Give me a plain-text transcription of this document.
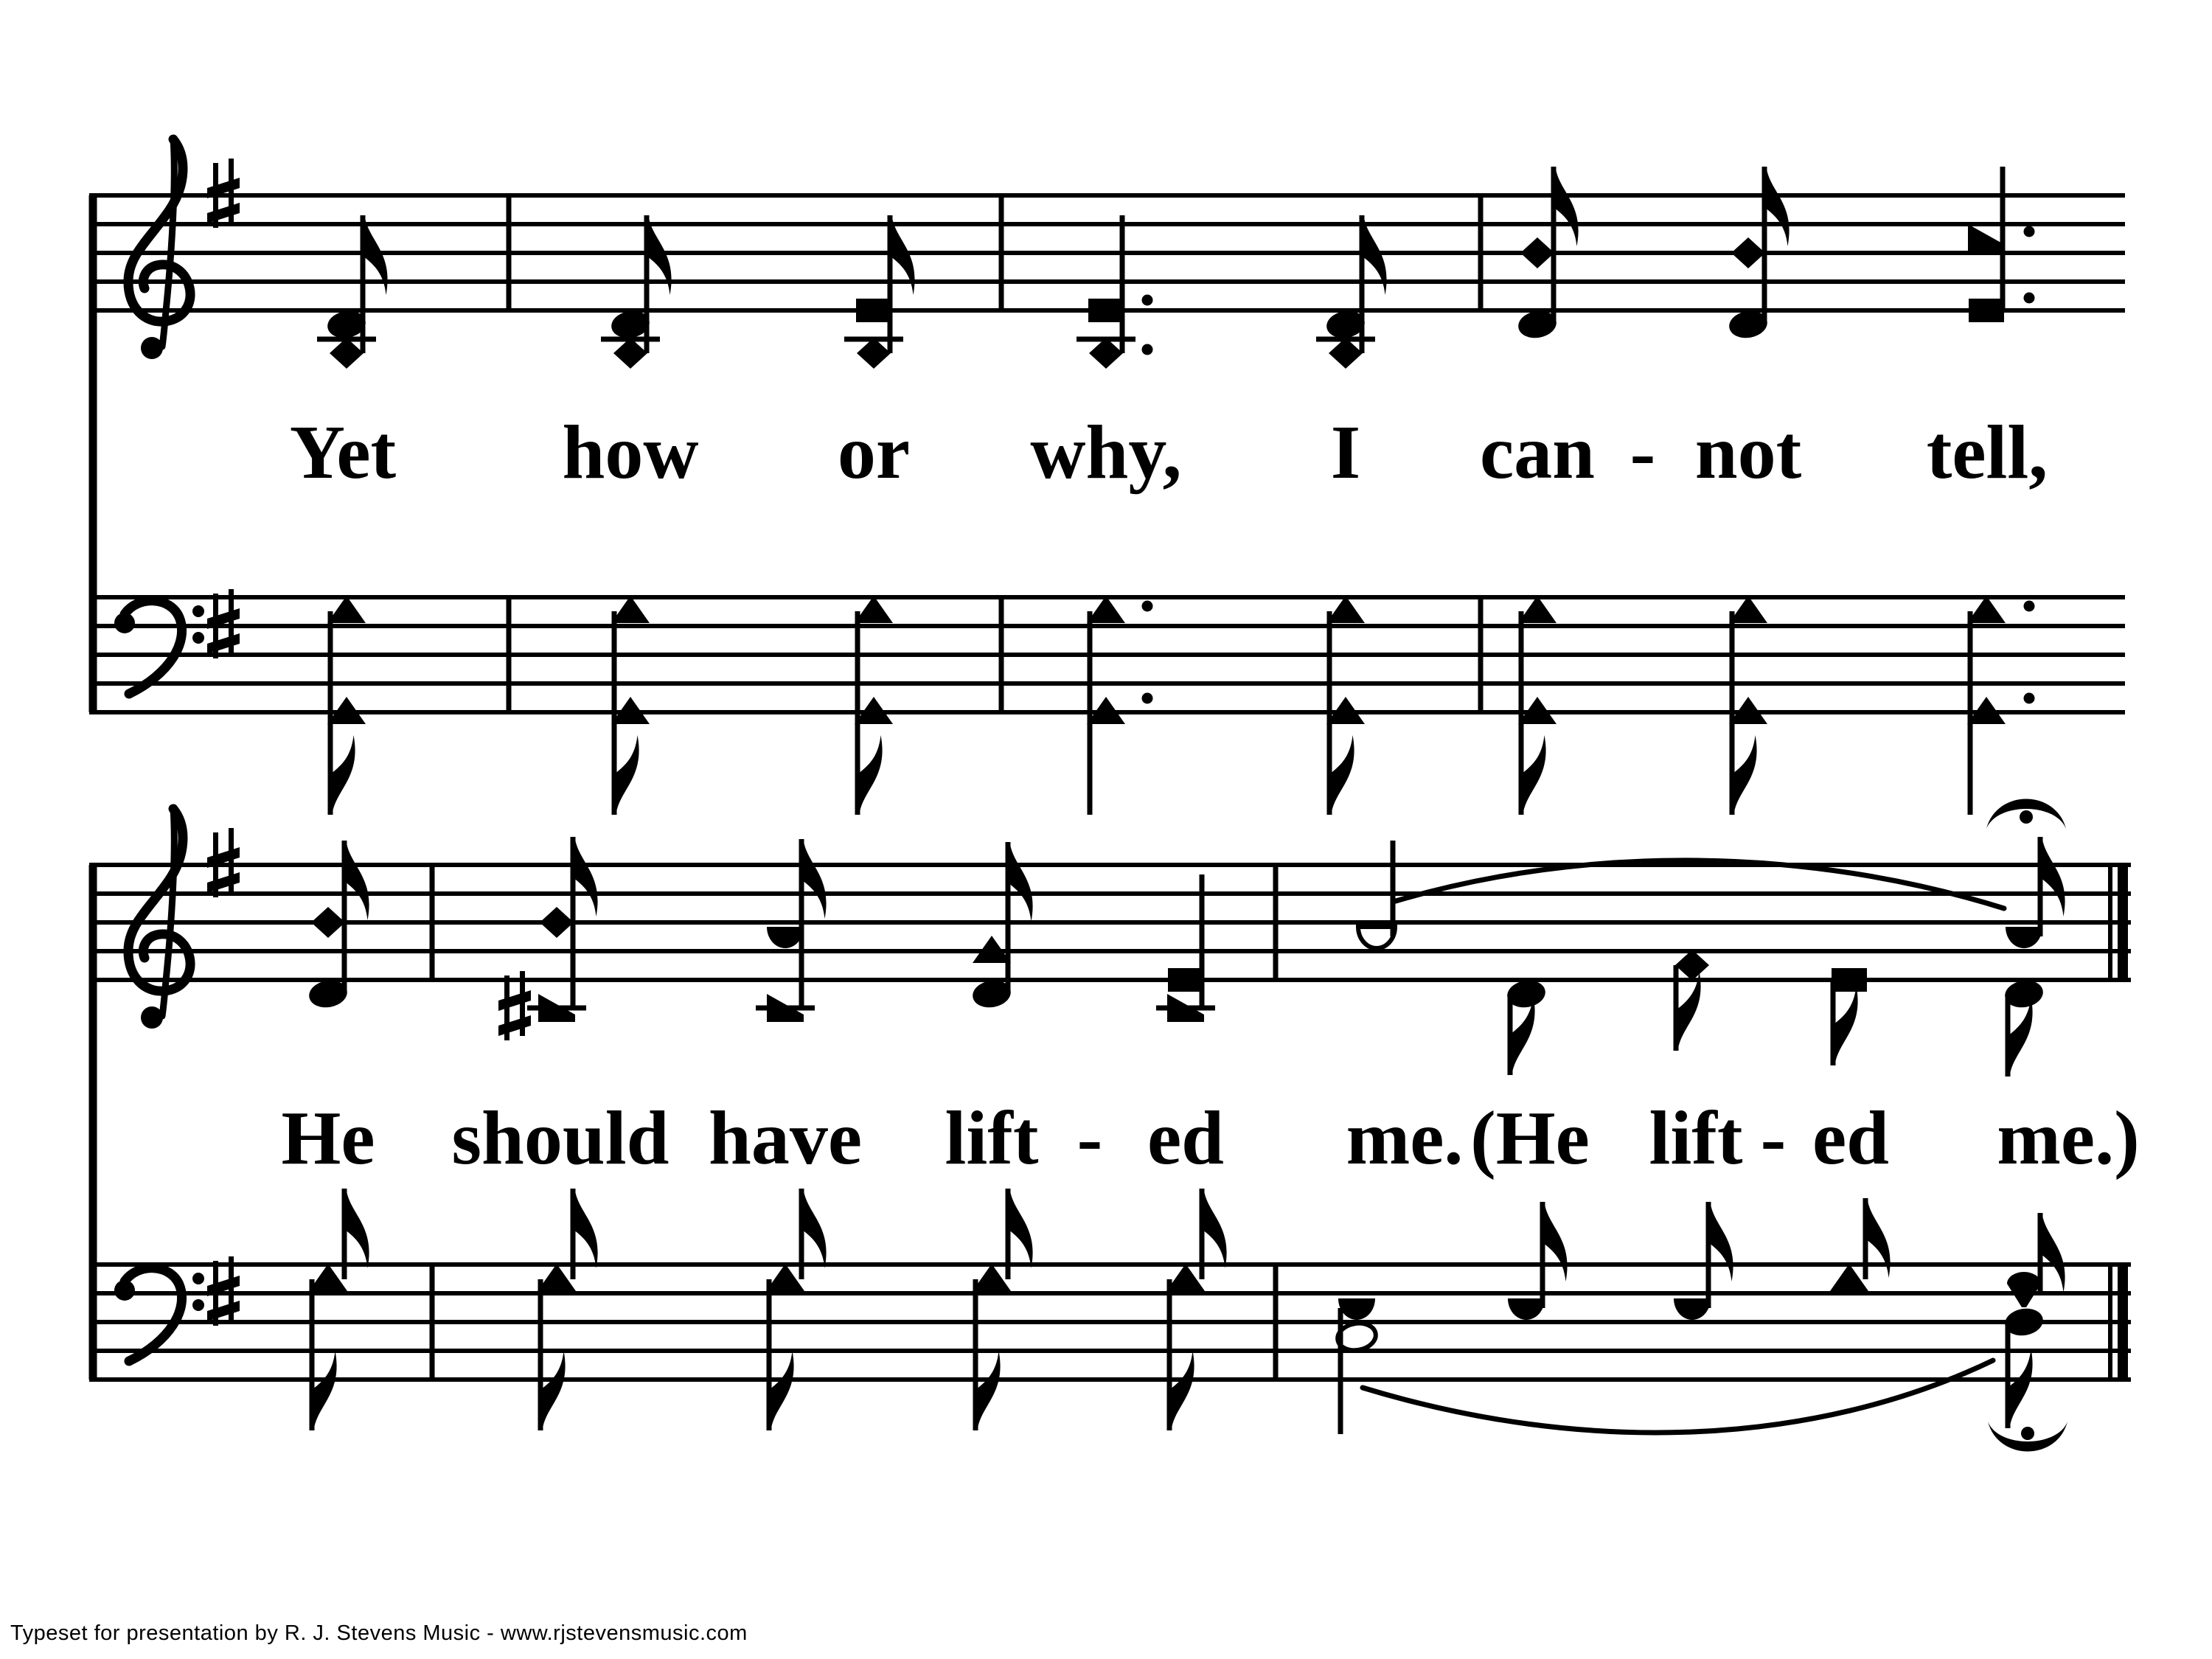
Yet how or why, I can - not tell,
He should have lift - ed me. (He lift - ed me.)
Typeset for presentation by R. J. Stevens Music - www.rjstevensmusic.com
